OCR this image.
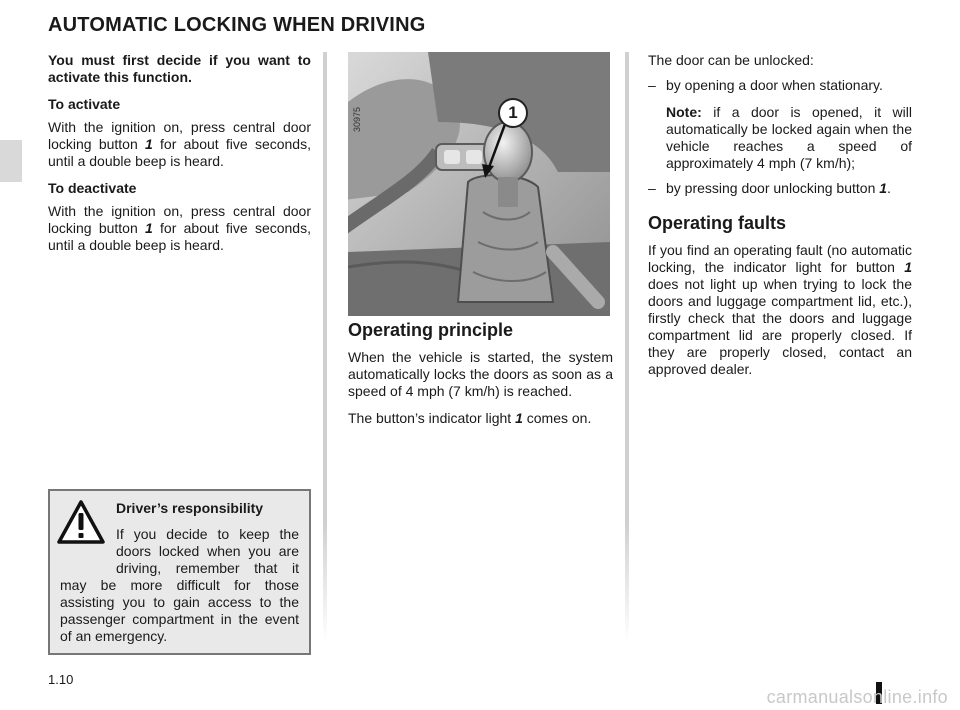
AUTOMATIC LOCKING WHEN DRIVING

You must first decide if you want to activate this function.

To activate

With the ignition on, press central door locking button 1 for about five seconds, until a double beep is heard.

To deactivate

With the ignition on, press central door locking button 1 for about five seconds, until a double beep is heard.

Driver’s responsibility
If you decide to keep the
doors locked when you are
driving, remember that it
may be more difficult for those assisting you to gain access to the passenger compartment in the event of an emergency.
30975	1
Operating principle

When the vehicle is started, the system automatically locks the doors as soon as a speed of 4 mph (7 km/h) is reached.

The button’s indicator light 1 comes on.

The door can be unlocked:

– by opening a door when stationary.
Note: if a door is opened, it will automatically be locked again when the vehicle reaches a speed of approximately 4 mph (7 km/h);
– by pressing door unlocking button 1.
Operating faults

If you find an operating fault (no automatic locking, the indicator light for button 1 does not light up when trying to lock the doors and luggage compartment lid, etc.), firstly check that the doors and luggage compartment lid are properly closed. If they are properly closed, contact an approved dealer.

1.10
carmanualsonline.info
